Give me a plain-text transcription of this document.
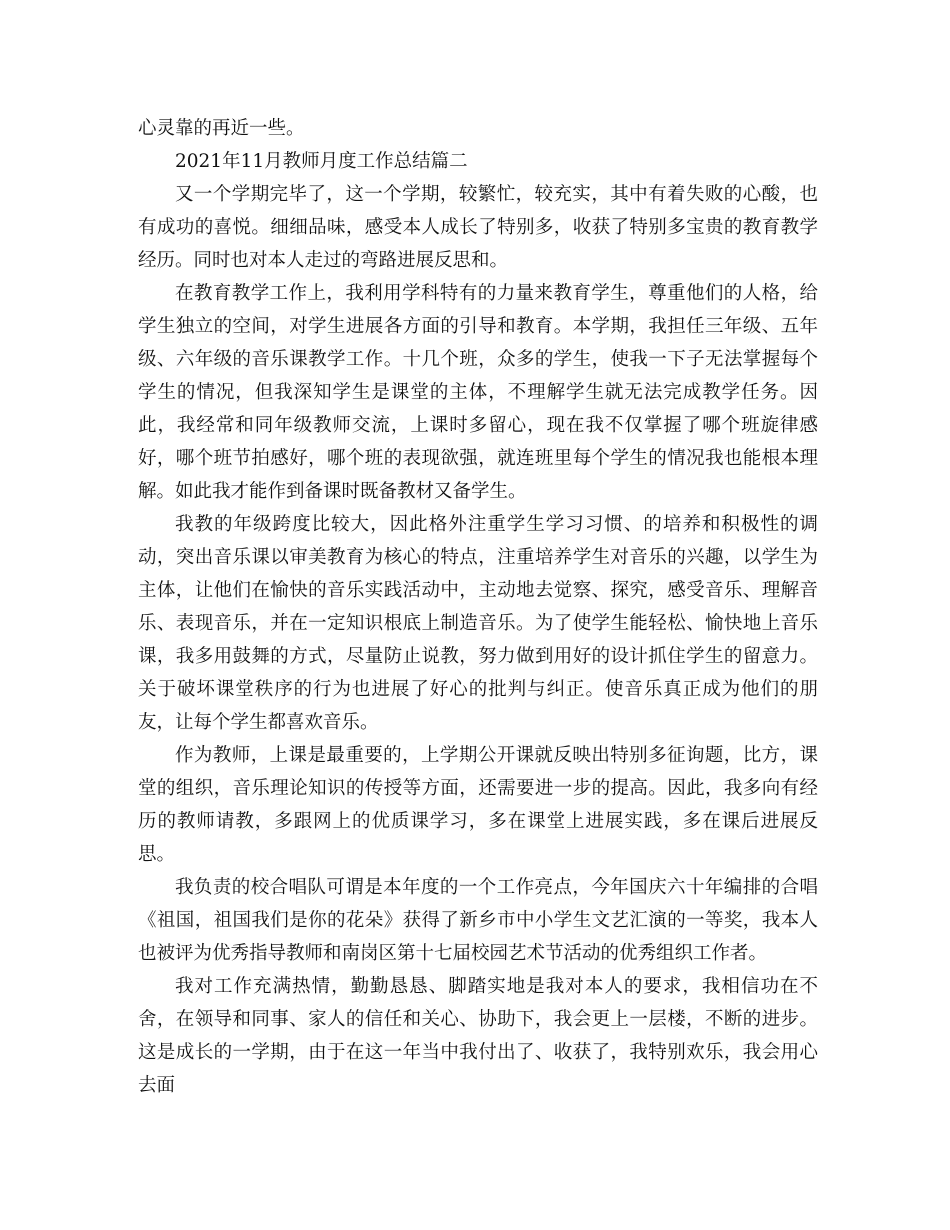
心灵靠的再近一些。

2021年11月教师月度工作总结篇二

又一个学期完毕了，这一个学期，较繁忙，较充实，其中有着失败的心酸，也有成功的喜悦。细细品味，感受本人成长了特别多，收获了特别多宝贵的教育教学经历。同时也对本人走过的弯路进展反思和。

在教育教学工作上，我利用学科特有的力量来教育学生，尊重他们的人格，给学生独立的空间，对学生进展各方面的引导和教育。本学期，我担任三年级、五年级、六年级的音乐课教学工作。十几个班，众多的学生，使我一下子无法掌握每个学生的情况，但我深知学生是课堂的主体，不理解学生就无法完成教学任务。因此，我经常和同年级教师交流，上课时多留心，现在我不仅掌握了哪个班旋律感好，哪个班节拍感好，哪个班的表现欲强，就连班里每个学生的情况我也能根本理解。如此我才能作到备课时既备教材又备学生。

我教的年级跨度比较大，因此格外注重学生学习习惯、的培养和积极性的调动，突出音乐课以审美教育为核心的特点，注重培养学生对音乐的兴趣，以学生为主体，让他们在愉快的音乐实践活动中，主动地去觉察、探究，感受音乐、理解音乐、表现音乐，并在一定知识根底上制造音乐。为了使学生能轻松、愉快地上音乐课，我多用鼓舞的方式，尽量防止说教，努力做到用好的设计抓住学生的留意力。关于破坏课堂秩序的行为也进展了好心的批判与纠正。使音乐真正成为他们的朋友，让每个学生都喜欢音乐。

作为教师，上课是最重要的，上学期公开课就反映出特别多征询题，比方，课堂的组织，音乐理论知识的传授等方面，还需要进一步的提高。因此，我多向有经历的教师请教，多跟网上的优质课学习，多在课堂上进展实践，多在课后进展反思。

我负责的校合唱队可谓是本年度的一个工作亮点，今年国庆六十年编排的合唱《祖国，祖国我们是你的花朵》获得了新乡市中小学生文艺汇演的一等奖，我本人也被评为优秀指导教师和南岗区第十七届校园艺术节活动的优秀组织工作者。

我对工作充满热情，勤勤恳恳、脚踏实地是我对本人的要求，我相信功在不舍，在领导和同事、家人的信任和关心、协助下，我会更上一层楼，不断的进步。这是成长的一学期，由于在这一年当中我付出了、收获了，我特别欢乐，我会用心去面
